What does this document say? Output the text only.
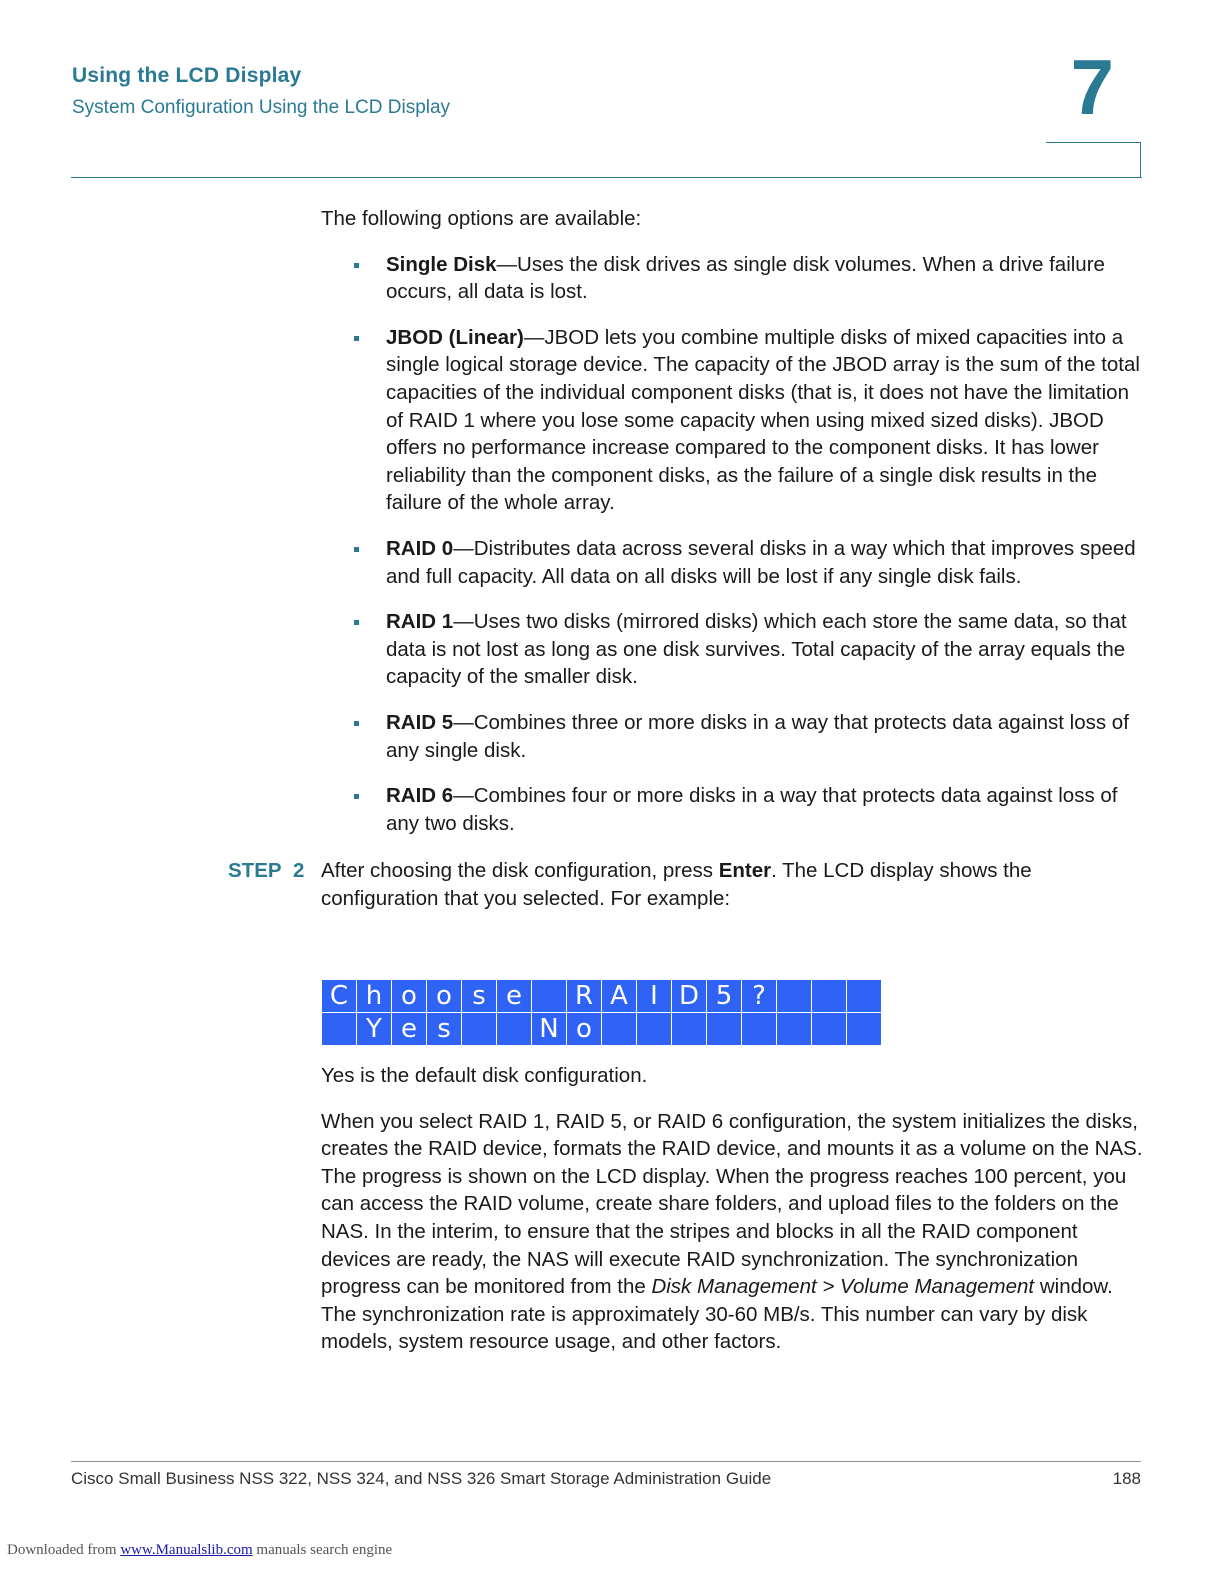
Using the LCD Display
System Configuration Using the LCD Display	7

The following options are available:

Single Disk—Uses the disk drives as single disk volumes. When a drive failure occurs, all data is lost.
JBOD (Linear)—JBOD lets you combine multiple disks of mixed capacities into a single logical storage device. The capacity of the JBOD array is the sum of the total capacities of the individual component disks (that is, it does not have the limitation of RAID 1 where you lose some capacity when using mixed sized disks). JBOD offers no performance increase compared to the component disks. It has lower reliability than the component disks, as the failure of a single disk results in the failure of the whole array.
RAID 0—Distributes data across several disks in a way which that improves speed and full capacity. All data on all disks will be lost if any single disk fails.
RAID 1—Uses two disks (mirrored disks) which each store the same data, so that data is not lost as long as one disk survives. Total capacity of the array equals the capacity of the smaller disk.
RAID 5—Combines three or more disks in a way that protects data against loss of any single disk.
RAID 6—Combines four or more disks in a way that protects data against loss of any two disks.
STEP 2 After choosing the disk configuration, press Enter. The LCD display shows the configuration that you selected. For example:
C	h	o	o	s	e		R	A	I	D	5	?			
	Y	e	s			N	o								

Yes is the default disk configuration.

When you select RAID 1, RAID 5, or RAID 6 configuration, the system initializes the disks, creates the RAID device, formats the RAID device, and mounts it as a volume on the NAS. The progress is shown on the LCD display. When the progress reaches 100 percent, you can access the RAID volume, create share folders, and upload files to the folders on the NAS. In the interim, to ensure that the stripes and blocks in all the RAID component devices are ready, the NAS will execute RAID synchronization. The synchronization progress can be monitored from the Disk Management > Volume Management window. The synchronization rate is approximately 30-60 MB/s. This number can vary by disk models, system resource usage, and other factors.

Cisco Small Business NSS 322, NSS 324, and NSS 326 Smart Storage Administration Guide	188
Downloaded from www.Manualslib.com manuals search engine
